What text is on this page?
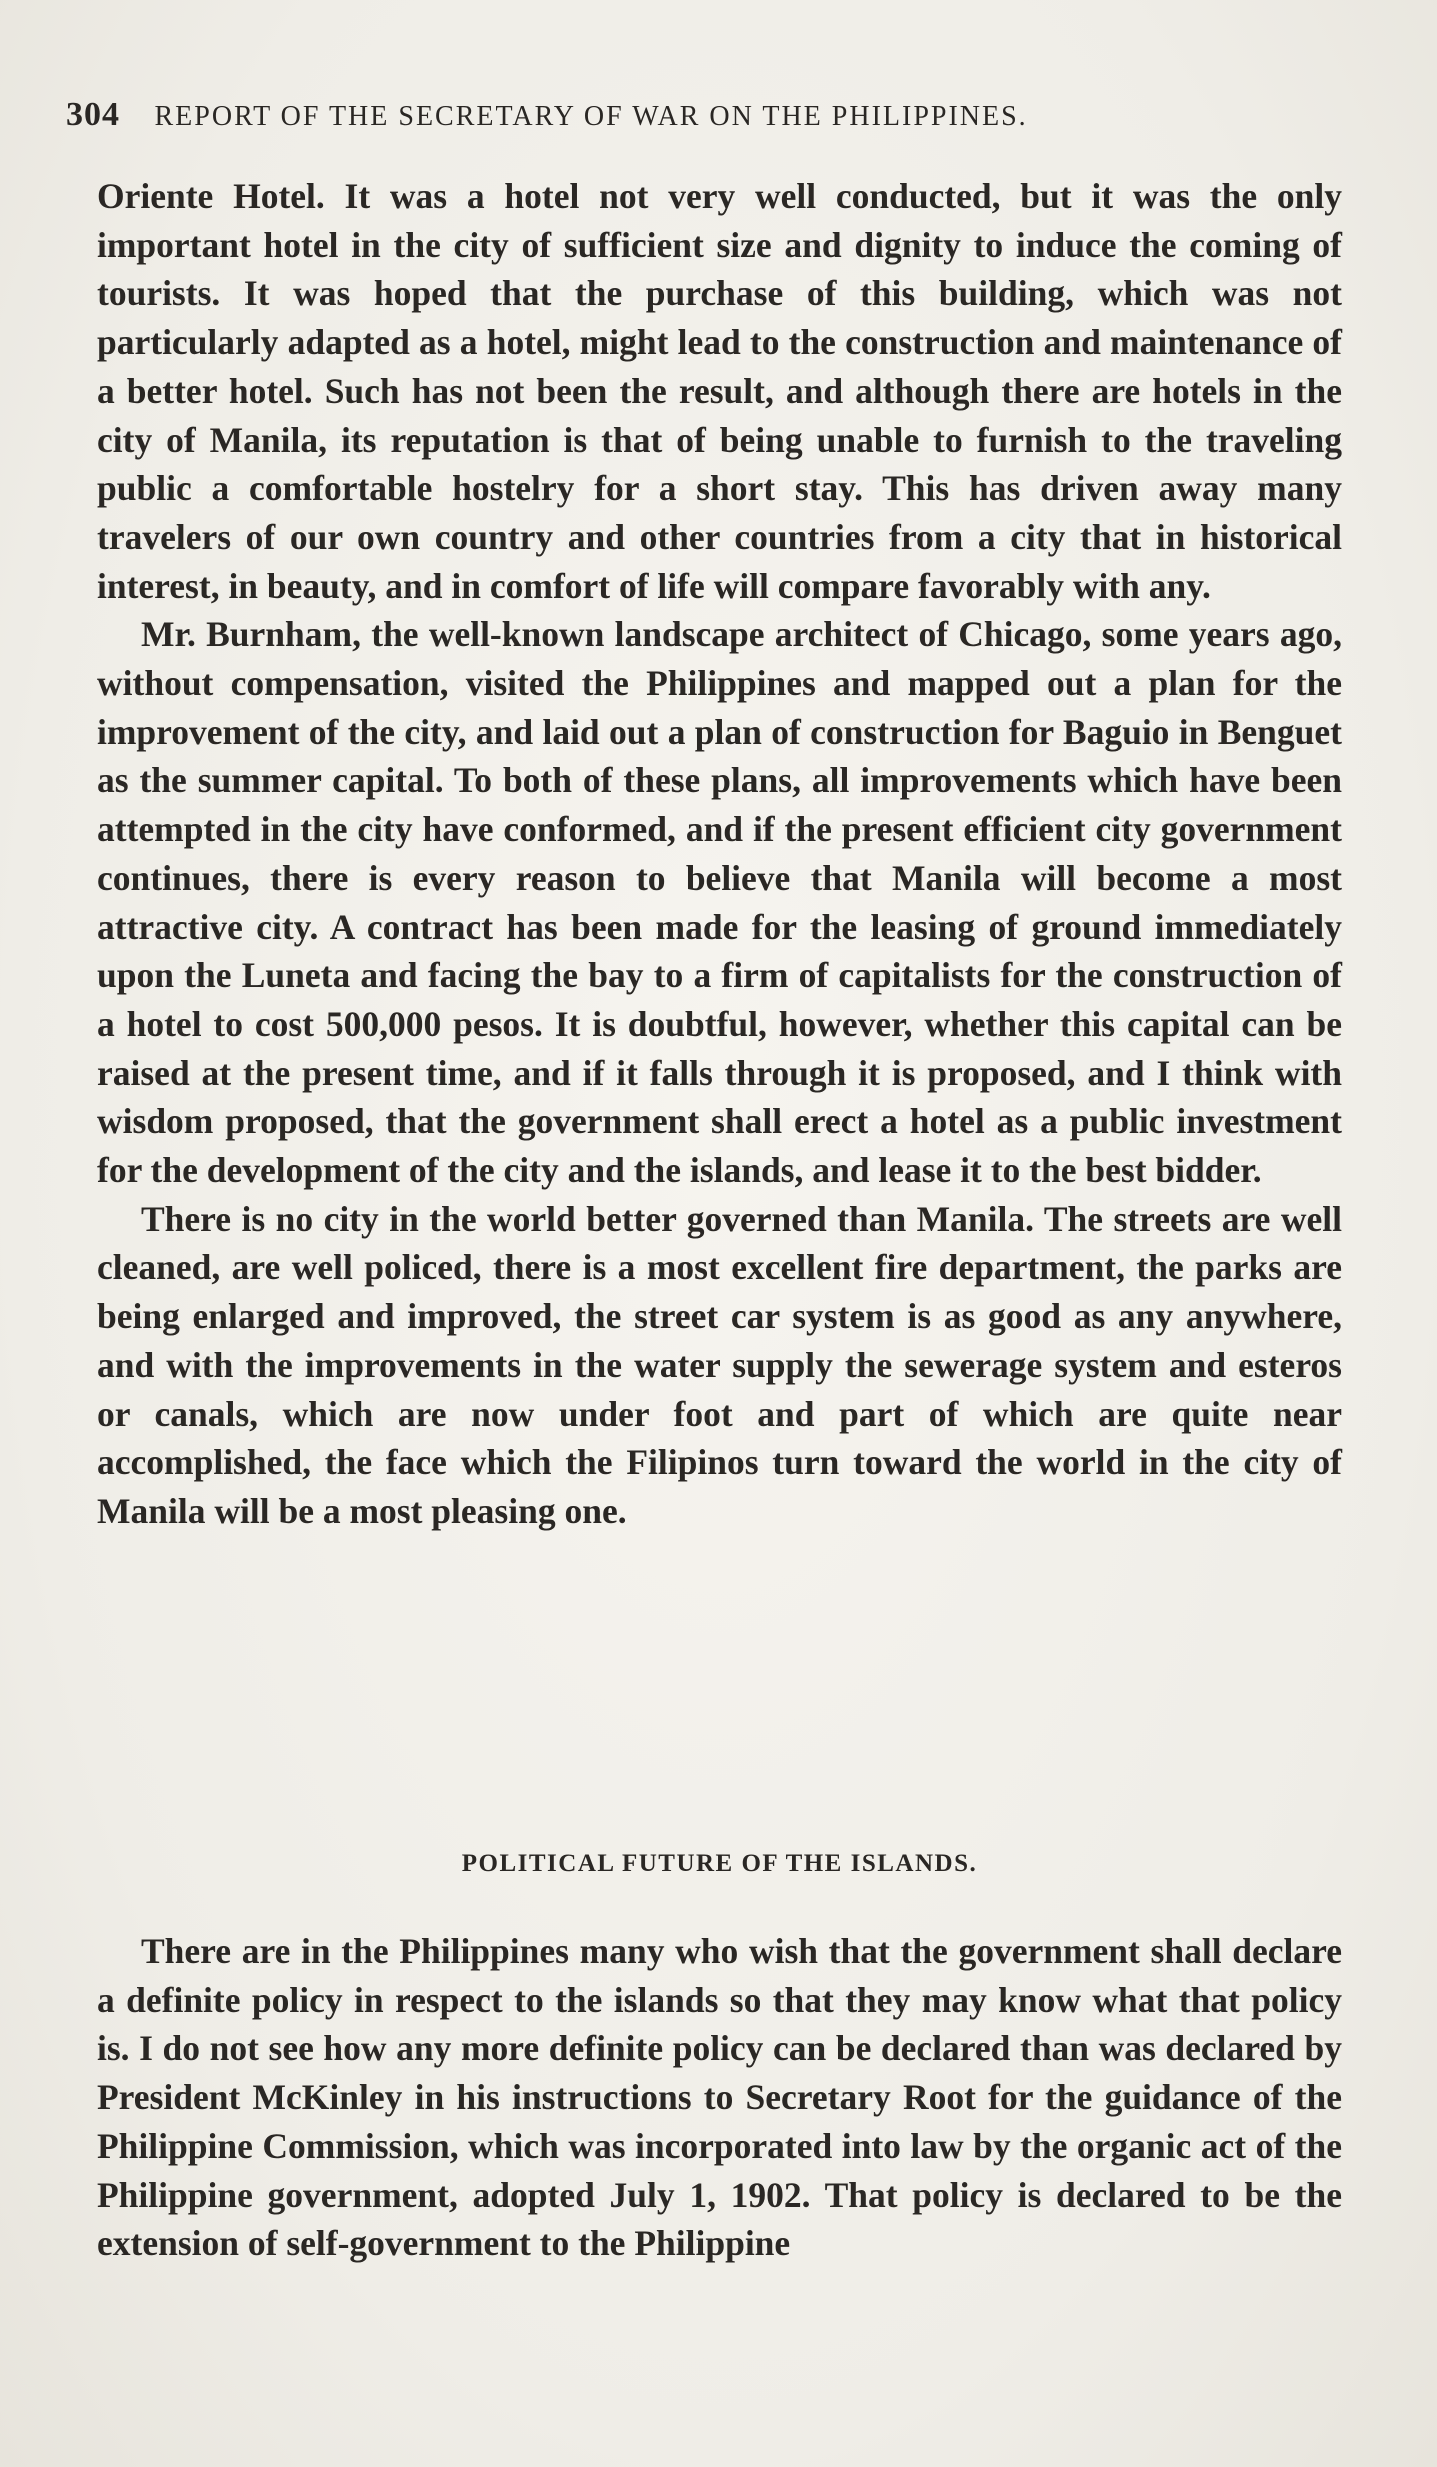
304 REPORT OF THE SECRETARY OF WAR ON THE PHILIPPINES.

Oriente Hotel. It was a hotel not very well conducted, but it was the only important hotel in the city of sufficient size and dignity to induce the coming of tourists. It was hoped that the purchase of this building, which was not particularly adapted as a hotel, might lead to the construction and maintenance of a better hotel. Such has not been the result, and although there are hotels in the city of Manila, its reputation is that of being unable to furnish to the traveling public a comfortable hostelry for a short stay. This has driven away many travelers of our own country and other countries from a city that in historical interest, in beauty, and in comfort of life will compare favorably with any.

Mr. Burnham, the well-known landscape architect of Chicago, some years ago, without compensation, visited the Philippines and mapped out a plan for the improvement of the city, and laid out a plan of construction for Baguio in Benguet as the summer capital. To both of these plans, all improvements which have been attempted in the city have conformed, and if the present efficient city government continues, there is every reason to believe that Manila will become a most attractive city. A contract has been made for the leasing of ground immediately upon the Luneta and facing the bay to a firm of capitalists for the construction of a hotel to cost 500,000 pesos. It is doubtful, however, whether this capital can be raised at the present time, and if it falls through it is proposed, and I think with wisdom proposed, that the government shall erect a hotel as a public investment for the development of the city and the islands, and lease it to the best bidder.

There is no city in the world better governed than Manila. The streets are well cleaned, are well policed, there is a most excellent fire department, the parks are being enlarged and improved, the street car system is as good as any anywhere, and with the improvements in the water supply the sewerage system and esteros or canals, which are now under foot and part of which are quite near accomplished, the face which the Filipinos turn toward the world in the city of Manila will be a most pleasing one.

POLITICAL FUTURE OF THE ISLANDS.

There are in the Philippines many who wish that the government shall declare a definite policy in respect to the islands so that they may know what that policy is. I do not see how any more definite policy can be declared than was declared by President McKinley in his instructions to Secretary Root for the guidance of the Philippine Commission, which was incorporated into law by the organic act of the Philippine government, adopted July 1, 1902. That policy is declared to be the extension of self-government to the Philippine
